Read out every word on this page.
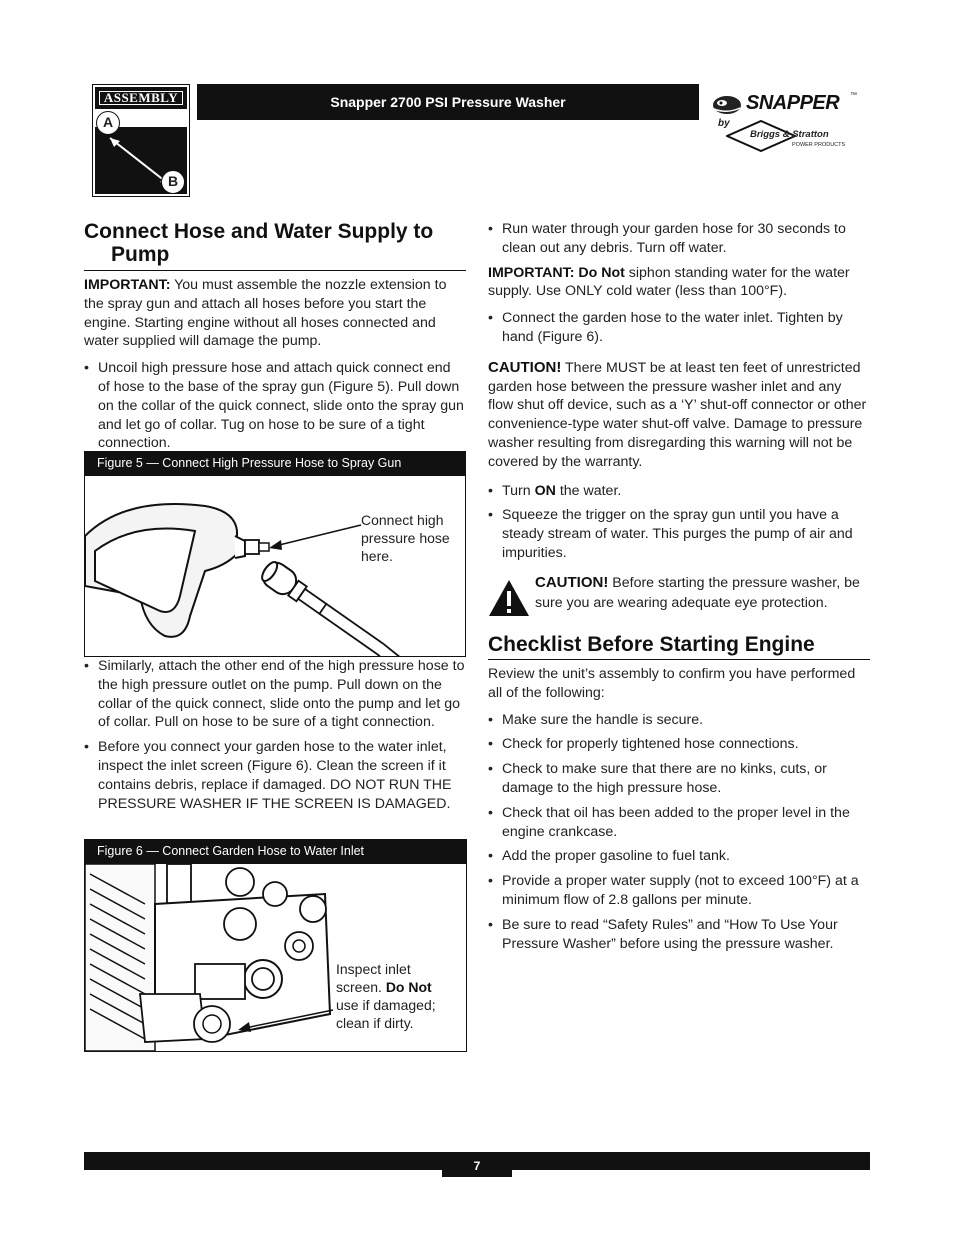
ASSEMBLY
A
B
Snapper 2700 PSI Pressure Washer	SNAPPER ™
by
Briggs & Stratton
POWER PRODUCTS
Connect Hose and Water Supply to Pump

IMPORTANT: You must assemble the nozzle extension to the spray gun and attach all hoses before you start the engine. Starting engine without all hoses connected and water supplied will damage the pump.

• Uncoil high pressure hose and attach quick connect end of hose to the base of the spray gun (Figure 5). Pull down on the collar of the quick connect, slide onto the spray gun and let go of collar. Tug on hose to be sure of a tight connection.
Figure 5 — Connect High Pressure Hose to Spray Gun
Connect high pressure hose here.
• Similarly, attach the other end of the high pressure hose to the high pressure outlet on the pump. Pull down on the collar of the quick connect, slide onto the pump and let go of collar. Pull on hose to be sure of a tight connection.
• Before you connect your garden hose to the water inlet, inspect the inlet screen (Figure 6). Clean the screen if it contains debris, replace if damaged. DO NOT RUN THE PRESSURE WASHER IF THE SCREEN IS DAMAGED.
Figure 6 — Connect Garden Hose to Water Inlet
Inspect inlet screen. Do Not use if damaged; clean if dirty.
• Run water through your garden hose for 30 seconds to clean out any debris. Turn off water.

IMPORTANT: Do Not siphon standing water for the water supply. Use ONLY cold water (less than 100°F).

• Connect the garden hose to the water inlet. Tighten by hand (Figure 6).

CAUTION! There MUST be at least ten feet of unrestricted garden hose between the pressure washer inlet and any flow shut off device, such as a ‘Y’ shut-off connector or other convenience-type water shut-off valve. Damage to pressure washer resulting from disregarding this warning will not be covered by the warranty.

• Turn ON the water.
• Squeeze the trigger on the spray gun until you have a steady stream of water. This purges the pump of air and impurities.

CAUTION! Before starting the pressure washer, be sure you are wearing adequate eye protection.

Checklist Before Starting Engine

Review the unit’s assembly to confirm you have performed all of the following:

• Make sure the handle is secure.
• Check for properly tightened hose connections.
• Check to make sure that there are no kinks, cuts, or damage to the high pressure hose.
• Check that oil has been added to the proper level in the engine crankcase.
• Add the proper gasoline to fuel tank.
• Provide a proper water supply (not to exceed 100°F) at a minimum flow of 2.8 gallons per minute.
• Be sure to read “Safety Rules” and “How To Use Your Pressure Washer” before using the pressure washer.
7
